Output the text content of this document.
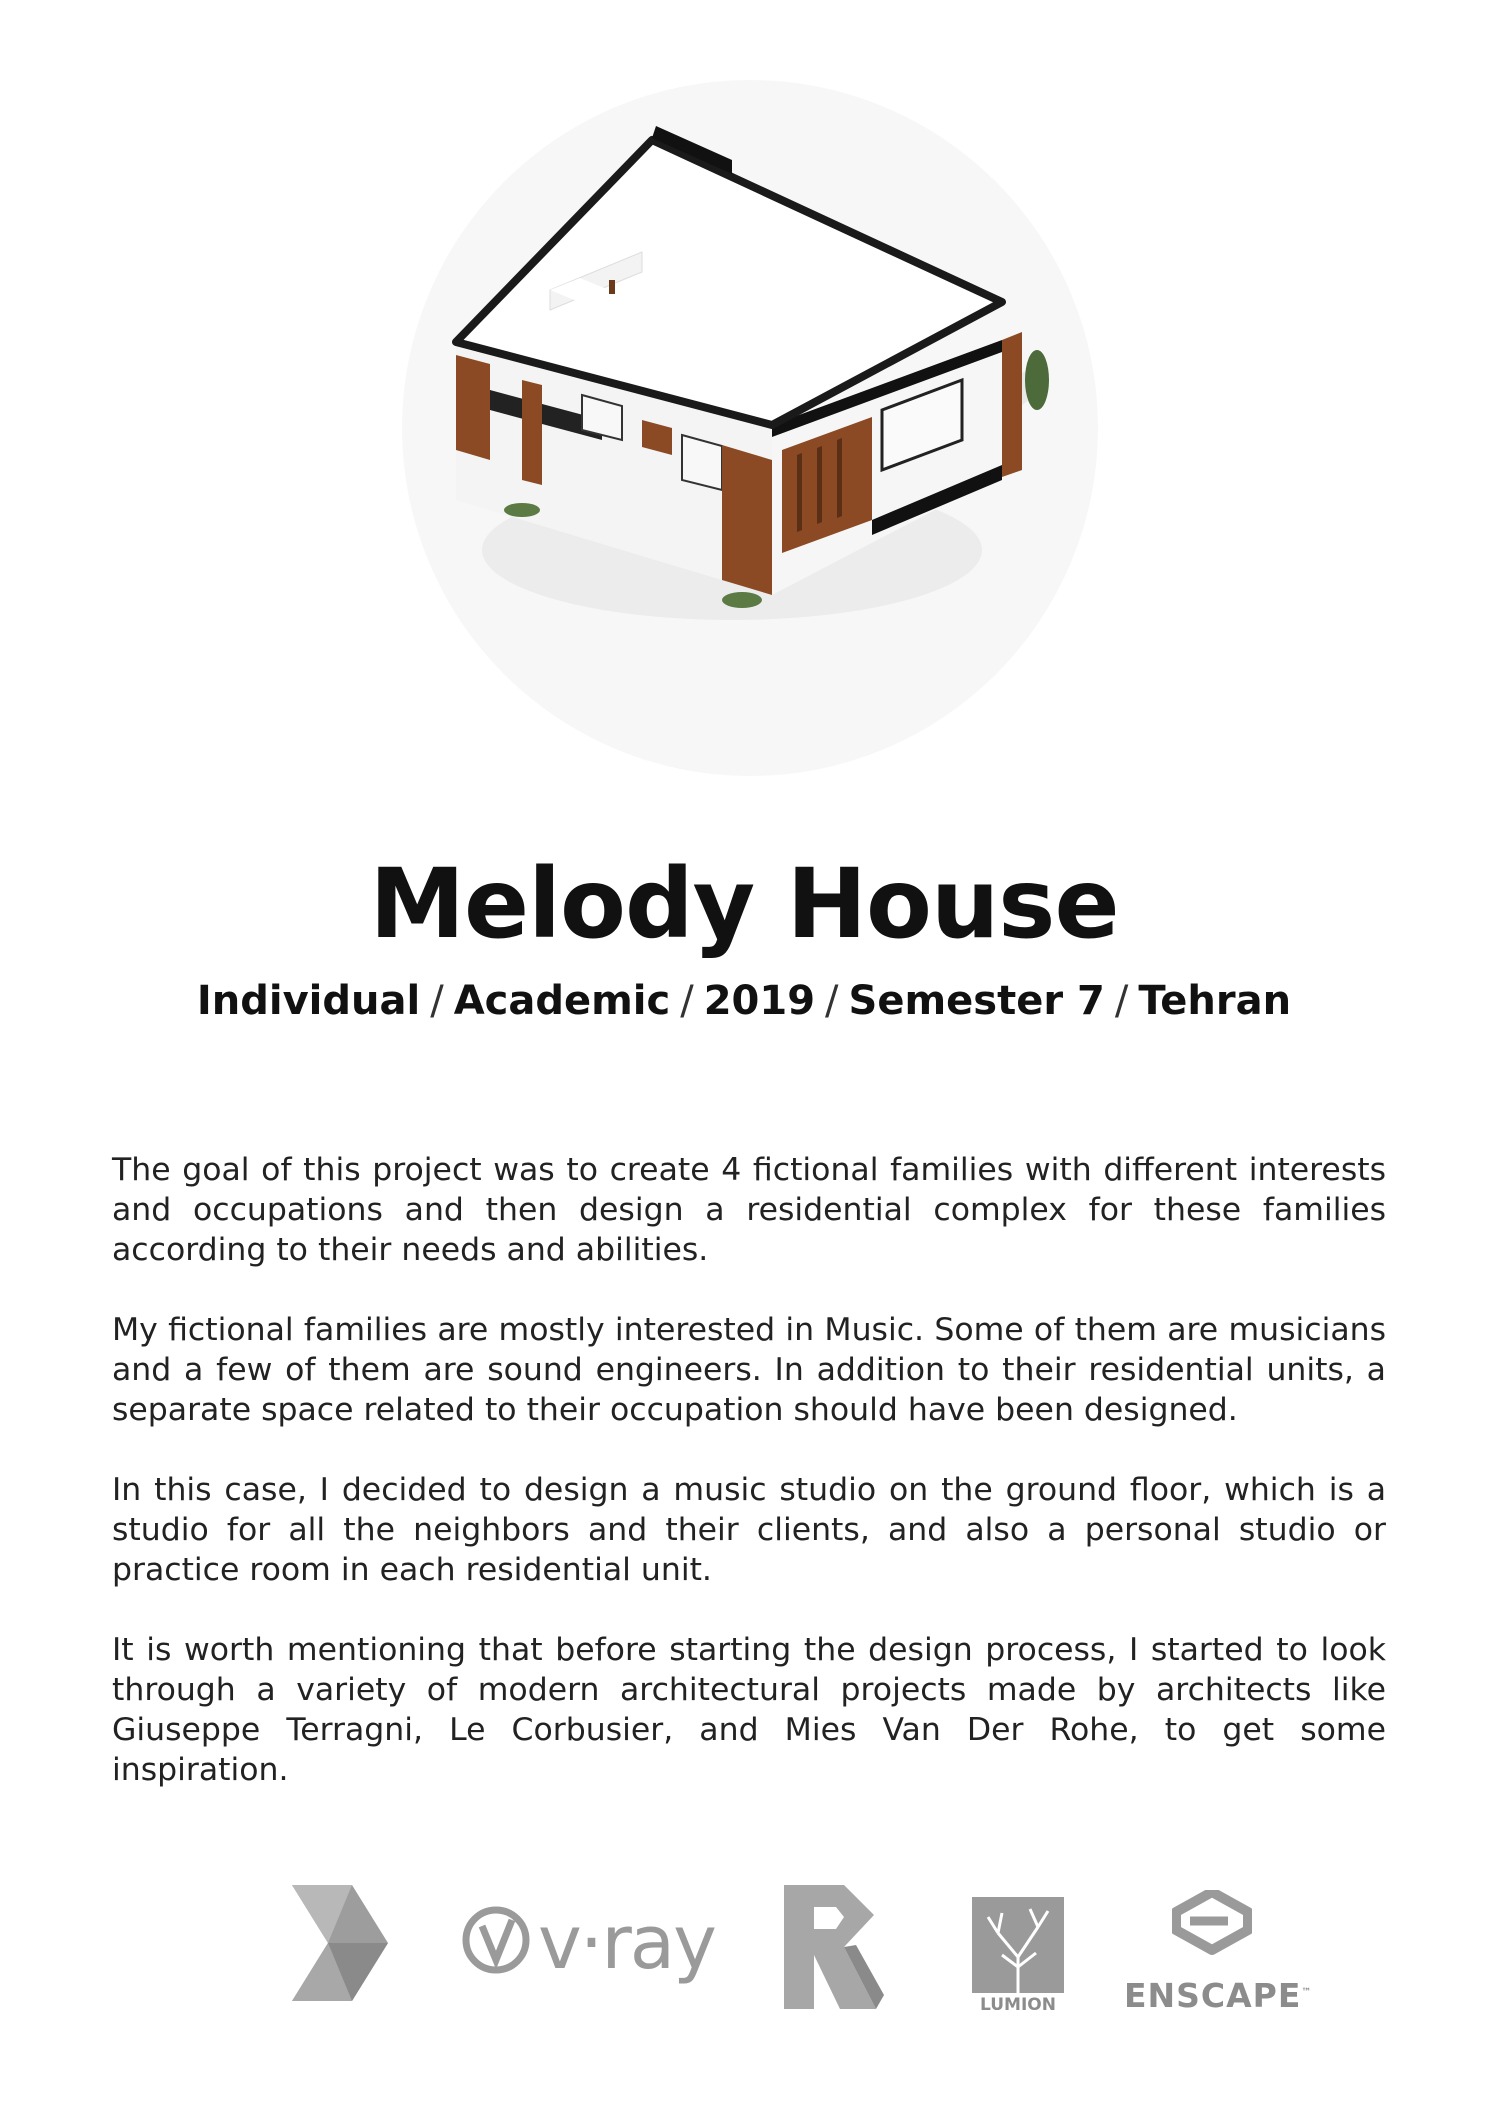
Melody House
Individual / Academic / 2019 / Semester 7 / Tehran

The goal of this project was to create 4 fictional families with different interests and occupations and then design a residential complex for these families according to their needs and abilities.

My fictional families are mostly interested in Music. Some of them are musicians and a few of them are sound engineers. In addition to their residential units, a separate space related to their occupation should have been designed.

In this case, I decided to design a music studio on the ground floor, which is a studio for all the neighbors and their clients, and also a personal studio or practice room in each residential unit.

It is worth mentioning that before starting the design process, I started to look through a variety of modern architectural projects made by architects like Giuseppe Terragni, Le Corbusier, and Mies Van Der Rohe, to get some inspiration.

v·ray
LUMION ENSCAPE™
